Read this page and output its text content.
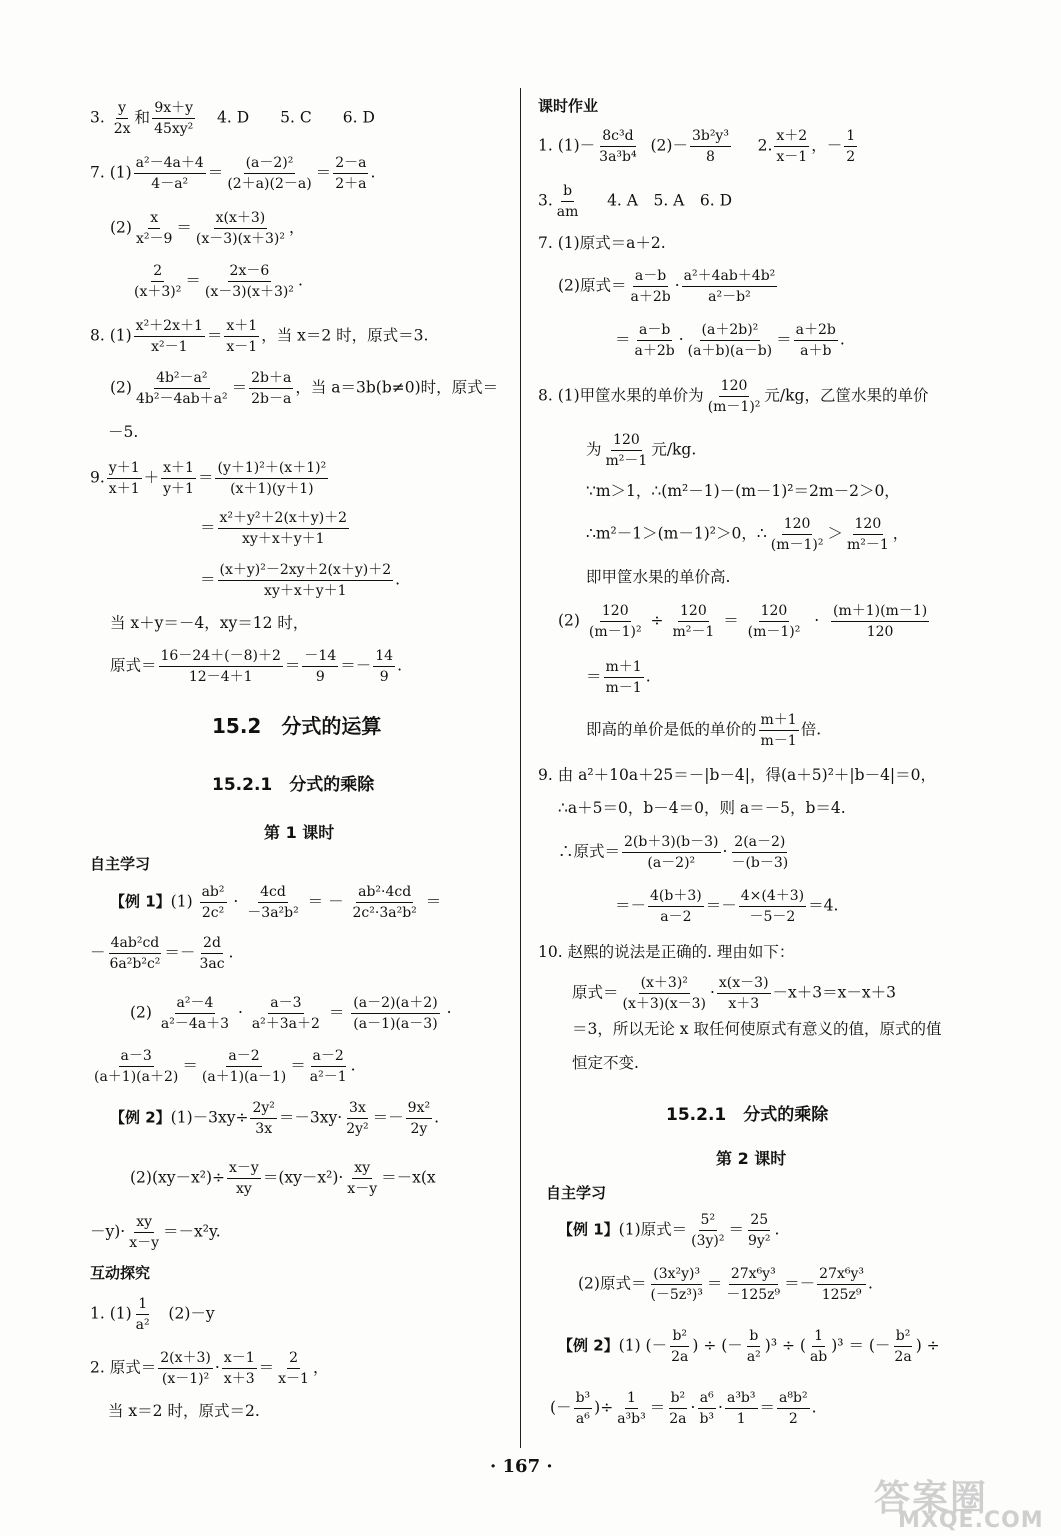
3. $\frac{y}{2x}$ 和 $\frac{9x+y}{\text{45xy²}} 4$. D　　5. C　　6. D
7. $(1) \frac{\text{a²－4a＋4}}{\text{4－a²}} = \frac{\text{(a－2)²}}{(2+a)(2-a)} = \frac{2-a}{2+a}$ .
$(2) \frac{x}{\text{x²－9}} = \frac{x(x+3)}{\text{(x－3)(x＋3)²}}$ ，
$\frac{2}{\text{(x＋3)²}} = \frac{2x-6}{\text{(x－3)(x＋3)²}}$ .
8. $(1) \frac{\text{x²＋2x＋1}}{\text{x²－1}} = \frac{x+1}{x-1}$ ，当 x＝2 时，原式＝3.
$(2) \frac{\text{4b²－a²}}{\text{4b²－4ab＋a²}} = \frac{2b+a}{2b-a}$ ，当 a＝3b(b≠0)时，原式＝
－5.
9. $\frac{y+1}{x+1} + \frac{x+1}{y+1} = \frac{\text{(y＋1)²＋(x＋1)²}}{(x+1)(y+1)}$
＝ $\frac{\text{x²＋y²＋2(x＋y)＋2}}{xy+x+y+1}$
＝ $\frac{\text{(x＋y)²－2xy＋2(x＋y)＋2}}{xy+x+y+1}$ .
当 x＋y＝－4，xy＝12 时，
原式＝ $\frac{16-24+(-8)+2}{12-4+1} = \frac{-14}{9} =- \frac{14}{9}$ .
15.2　分式的运算
15.2.1　分式的乘除
第 1 课时
自主学习
【例 1】$(1) \frac{\text{ab²}}{\text{2c²}} \cdot \frac{4cd}{\text{－3a²b²}}$ ＝ － $\frac{\text{ab²·4cd}}{\text{2c²·3a²b²}}$ ＝
－ $\frac{\text{4ab²cd}}{\text{6a²b²c²}} =- \frac{2d}{3ac}$ .
$(2) \frac{\text{a²－4}}{\text{a²－4a＋3}} \cdot \frac{a-3}{\text{a²＋3a＋2}} = \frac{(a-2)(a+2)}{(a-1)(a-3)}$ ·
$\frac{a-3}{(a+1)(a+2)} = \frac{a-2}{(a+1)(a-1)} = \frac{a-2}{\text{a²－1}}$ .
【例 2】$(1)-3xy\div \frac{\text{2y²}}{3x} =-3xy\cdot \frac{3x}{\text{2y²}} =- \frac{\text{9x²}}{2y}$ .
$(2)(xy-x^2)\div \frac{x-y}{xy} =(xy-x^2)\cdot \frac{xy}{x-y} =-x(x$
$-y)\cdot \frac{xy}{x-y} =-x^2y$.
互动探究
1. $(1) \frac{1}{\text{a²}} (2)-y$
2. 原式＝ $\frac{2(x+3)}{\text{(x－1)²}} \cdot \frac{x-1}{x+3} = \frac{2}{x-1}$ ，
当 x＝2 时，原式＝2.
课时作业
1. $(1)- \frac{\text{8c³d}}{\text{3a³b⁴}} (2)- \frac{\text{3b²y³}}{8} 2$. $\frac{x+2}{x-1}$ ，－ $\frac{1}{2}$
3. $\frac{b}{am} 4$. A　5. A　6. D
7. (1)原式＝a＋2.
(2)原式＝ $\frac{a-b}{a+2b} \cdot \frac{\text{a²＋4ab＋4b²}}{\text{a²－b²}}$
＝ $\frac{a-b}{a+2b} \cdot \frac{\text{(a＋2b)²}}{(a+b)(a-b)} = \frac{a+2b}{a+b}$ .
8. (1)甲筐水果的单价为 $\frac{120}{\text{(m－1)²}}$ 元/kg，乙筐水果的单价
为 $\frac{120}{\text{m²－1}}$ 元/kg.
∵m＞1，∴(m²－1)－(m－1)²＝2m－2＞0，
∴m²－1＞(m－1)²＞0，∴ $\frac{120}{\text{(m－1)²}} > \frac{120}{\text{m²－1}}$ ，
即甲筐水果的单价高.
$(2) \frac{120}{\text{(m－1)²}} \div \frac{120}{\text{m²－1}} = \frac{120}{\text{(m－1)²}} \cdot \frac{(m+1)(m-1)}{120}$
＝ $\frac{m+1}{m-1}$ .
即高的单价是低的单价的 $\frac{m+1}{m-1}$ 倍.
9. 由 a²＋10a＋25＝－|b－4|，得(a＋5)²＋|b－4|＝0，
∴a＋5＝0，b－4＝0，则 a＝－5，b＝4.
∴原式＝ $\frac{2(b+3)(b-3)}{\text{(a－2)²}} \cdot \frac{2(a-2)}{-(b-3)}$
＝－ $\frac{4(b+3)}{a-2} =- \frac{4\times(4+3)}{-5-2} =4$.
10. 赵熙的说法是正确的. 理由如下：
原式＝ $\frac{\text{(x＋3)²}}{(x+3)(x-3)} \cdot \frac{x(x-3)}{x+3} -x+3=x-x+3$
＝3，所以无论 x 取任何使原式有意义的值，原式的值
恒定不变.
15.2.1　分式的乘除
第 2 课时
自主学习
【例 1】(1)原式＝ $\frac{\text{5²}}{\text{(3y)²}} = \frac{25}{\text{9y²}}$ .
(2)原式＝ $\frac{\text{(3x²y)³}}{\text{(－5z³)³}} = \frac{\text{27x⁶y³}}{\text{－125z⁹}} =- \frac{\text{27x⁶y³}}{\text{125z⁹}}$ .
【例 2】(1) (－ $\frac{\text{b²}}{2a}$ ) ÷ (－ $\frac{b}{\text{a²}} )^3$ ÷ ( $\frac{1}{ab} )^3$ ＝ (－ $\frac{\text{b²}}{2a}$ ) ÷
(－ $\frac{\text{b³}}{\text{a⁶}}$ )÷ $\frac{1}{\text{a³b³}} = \frac{\text{b²}}{2a} \cdot \frac{\text{a⁶}}{\text{b³}} \cdot \frac{\text{a³b³}}{1} = \frac{\text{a⁸b²}}{2}$ .
· 167 ·
答案圈
MXQE.COM
